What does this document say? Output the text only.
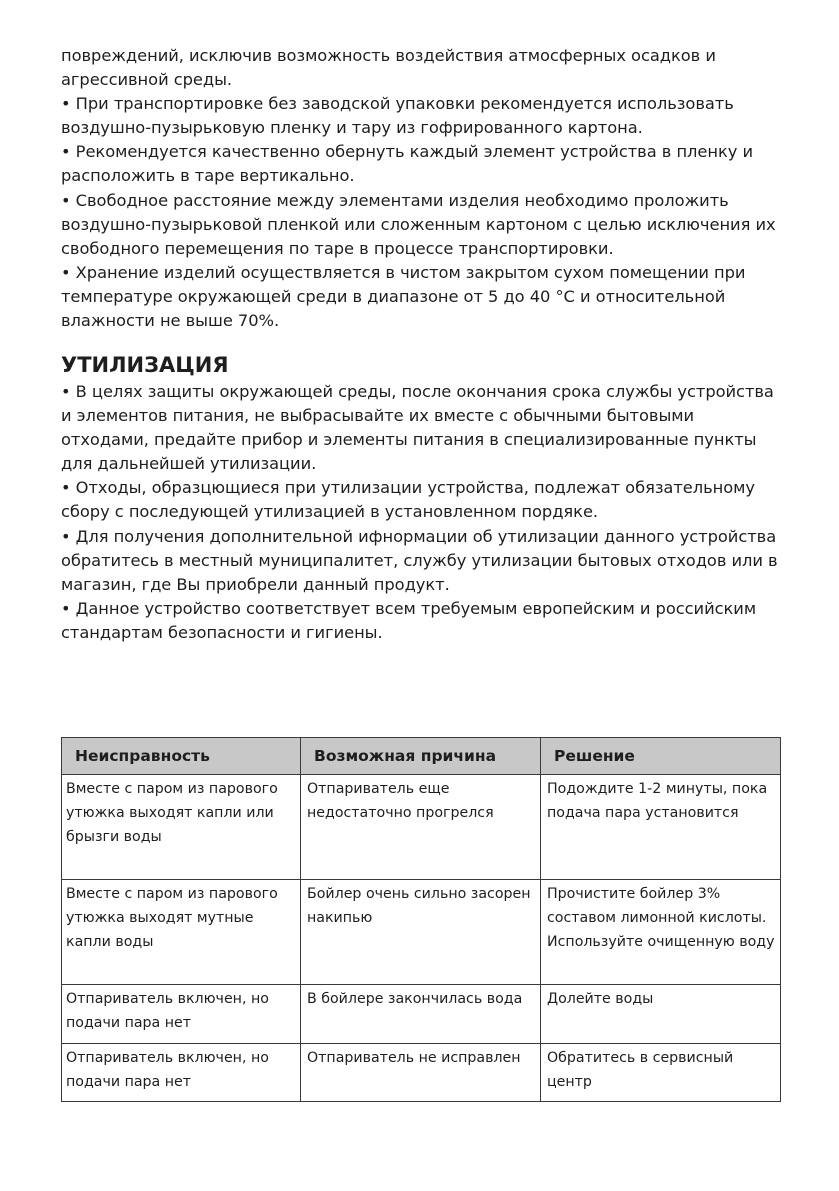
повреждений, исключив возможность воздействия атмосферных осадков и агрессивной среды.

• При транспортировке без заводской упаковки рекомендуется использовать воздушно-пузырьковую пленку и тару из гофрированного картона.

• Рекомендуется качественно обернуть каждый элемент устройства в пленку и расположить в таре вертикально.

• Свободное расстояние между элементами изделия необходимо проложить воздушно-пузырьковой пленкой или сложенным картоном с целью исключения их свободного перемещения по таре в процессе транспортировки.

• Хранение изделий осуществляется в чистом закрытом сухом помещении при температуре окружающей среди в диапазоне от 5 до 40 °C и относительной влажности не выше 70%.

УТИЛИЗАЦИЯ

• В целях защиты окружающей среды, после окончания срока службы устройства и элементов питания, не выбрасывайте их вместе с обычными бытовыми отходами, предайте прибор и элементы питания в специализированные пункты для дальнейшей утилизации.

• Отходы, образцющиеся при утилизации устройства, подлежат обязательному сбору с последующей утилизацией в установленном пордяке.

• Для получения дополнительной ифнормации об утилизации данного устройства обратитесь в местный муниципалитет, службу утилизации бытовых отходов или в магазин, где Вы приобрели данный продукт.

• Данное устройство соответствует всем требуемым европейским и российским стандартам безопасности и гигиены.

Неисправность	Возможная причина	Решение
Вместе с паром из парового утюжка выходят капли или брызги воды	Отпариватель еще недостаточно прогрелся	Подождите 1-2 минуты, пока подача пара установится
Вместе с паром из парового утюжка выходят мутные капли воды	Бойлер очень сильно засорен накипью	Прочистите бойлер 3% составом лимонной кислоты. Используйте очищенную воду
Отпариватель включен, но подачи пара нет	В бойлере закончилась вода	Долейте воды
Отпариватель включен, но подачи пара нет	Отпариватель не исправлен	Обратитесь в сервисный центр
